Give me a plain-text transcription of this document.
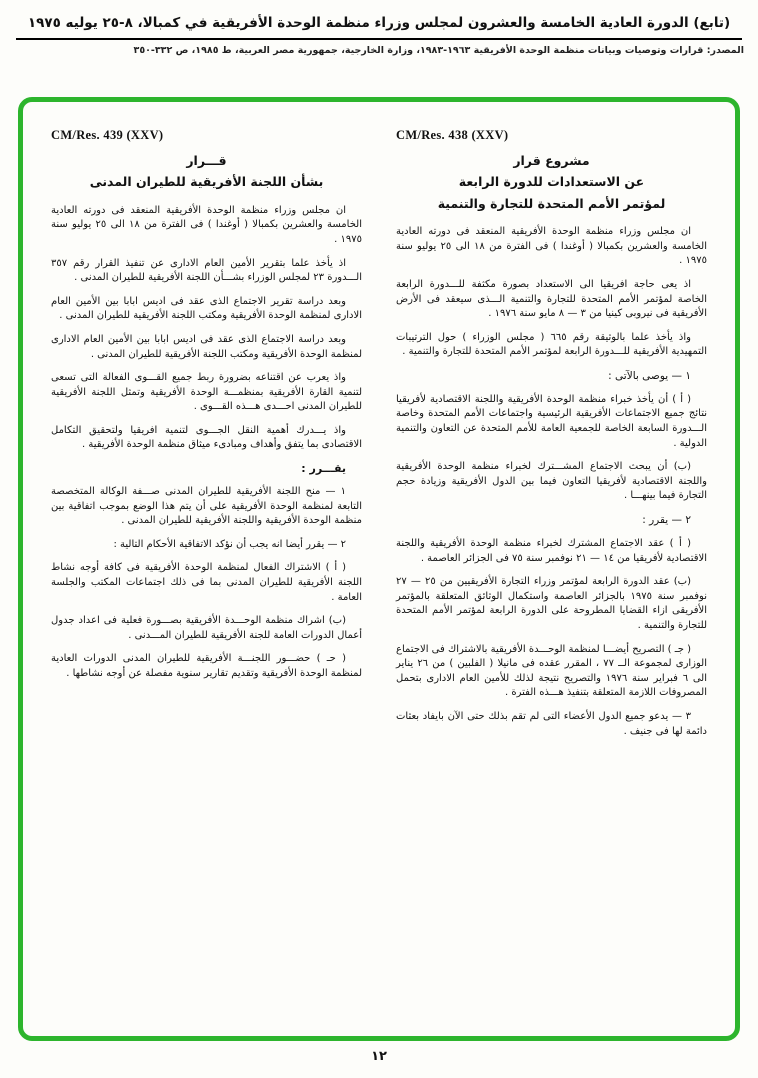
(تابع) الدورة العادية الخامسة والعشرون لمجلس وزراء منظمة الوحدة الأفريقية في كمبالا، ٨-٢٥ يوليه ١٩٧٥
المصدر: قرارات وتوصيات وبيانات منظمة الوحدة الأفريقية ١٩٦٣-١٩٨٣، وزارة الخارجية، جمهورية مصر العربية، ط ١٩٨٥، ص ٣٣٢-٣٥٠
CM/Res. 438 (XXV)
مشروع قرار
عن الاستعدادات للدورة الرابعة
لمؤتمر الأمم المتحدة للتجارة والتنمية

ان مجلس وزراء منظمة الوحدة الأفريقية المنعقد فى دورته العادية الخامسة والعشرين بكمبالا ( أوغندا ) فى الفترة من ١٨ الى ٢٥ يوليو سنة ١٩٧٥ .

اذ يعى حاجة افريقيا الى الاستعداد بصورة مكثفة للـــدورة الرابعة الخاصة لمؤتمر الأمم المتحدة للتجارة والتنمية الـــذى سيعقد فى الأرض الأفريقية فى نيروبى كينيا من ٣ — ٨ مايو سنة ١٩٧٦ .

واذ يأخذ علما بالوثيقة رقم ٦٦٥ ( مجلس الوزراء ) حول الترتيبات التمهيدية الأفريقية للـــدورة الرابعة لمؤتمر الأمم المتحدة للتجارة والتنمية .

١ — يوصى بالآتى :

( أ ) أن يأخذ خبراء منظمة الوحدة الأفريقية واللجنة الاقتصادية لأفريقيا نتائج جميع الاجتماعات الأفريقية الرئيسية واجتماعات الأمم المتحدة وخاصة الـــدورة السابعة الخاصة للجمعية العامة للأمم المتحدة عن التعاون والتنمية الدولية .

(ب) أن يبحث الاجتماع المشـــترك لخبراء منظمة الوحدة الأفريقية واللجنة الاقتصادية لأفريقيا التعاون فيما بين الدول الأفريقية وزيادة حجم التجارة فيما بينهـــا .

٢ — يقرر :

( أ ) عقد الاجتماع المشترك لخبراء منظمة الوحدة الأفريقية واللجنة الاقتصادية لأفريقيا من ١٤ — ٢١ نوفمبر سنة ٧٥ فى الجزائر العاصمة .

(ب) عقد الدورة الرابعة لمؤتمر وزراء التجارة الأفريقيين من ٢٥ — ٢٧ نوفمبر سنة ١٩٧٥ بالجزائر العاصمة واستكمال الوثائق المتعلقة بالمؤتمر الأفريقى ازاء القضايا المطروحة على الدورة الرابعة لمؤتمر الأمم المتحدة للتجارة والتنمية .

( جـ ) التصريح أيضـــا لمنظمة الوحـــدة الأفريقية بالاشتراك فى الاجتماع الوزارى لمجموعة الــ ٧٧ ، المقرر عقده فى مانيلا ( الفلبين ) من ٢٦ يناير الى ٦ فبراير سنة ١٩٧٦ والتصريح نتيجة لذلك للأمين العام الادارى بتحمل المصروفات اللازمة المتعلقة بتنفيذ هـــذه الفترة .

٣ — يدعو جميع الدول الأعضاء التى لم تقم بذلك حتى الآن بايفاد بعثات دائمة لها فى جنيف .

CM/Res. 439 (XXV)
قـــرار
بشأن اللجنة الأفريقية للطيران المدنى

ان مجلس وزراء منظمة الوحدة الأفريقية المنعقد فى دورته العادية الخامسة والعشرين بكمبالا ( أوغندا ) فى الفترة من ١٨ الى ٢٥ يوليو سنة ١٩٧٥ .

اذ يأخذ علما بتقرير الأمين العام الادارى عن تنفيذ القرار رقم ٣٥٧ الـــدورة ٢٣ لمجلس الوزراء بشـــأن اللجنة الأفريقية للطيران المدنى .

وبعد دراسة تقرير الاجتماع الذى عقد فى اديس ابابا بين الأمين العام الادارى لمنظمة الوحدة الأفريقية ومكتب اللجنة الأفريقية للطيران المدنى .

وبعد دراسة الاجتماع الذى عقد فى اديس ابابا بين الأمين العام الادارى لمنظمة الوحدة الأفريقية ومكتب اللجنة الأفريقية للطيران المدنى .

واذ يعرب عن اقتناعه بضرورة ربط جميع القـــوى الفعالة التى تسعى لتنمية القارة الأفريقية بمنظمـــة الوحدة الأفريقية وتمثل اللجنة الأفريقية للطيران المدنى احـــدى هـــذه القـــوى .

واذ يـــدرك أهمية النقل الجـــوى لتنمية افريقيا ولتحقيق التكامل الاقتصادى بما يتفق وأهداف ومبادىء ميثاق منظمة الوحدة الأفريقية .

يقـــرر :

١ — منح اللجنة الأفريقية للطيران المدنى صـــفة الوكالة المتخصصة التابعة لمنظمة الوحدة الأفريقية على أن يتم هذا الوضع بموجب اتفاقية بين منظمة الوحدة الأفريقية واللجنة الأفريقية للطيران المدنى .

٢ — يقرر أيضا انه يجب أن نؤكد الاتفاقية الأحكام التالية :

( أ ) الاشتراك الفعال لمنظمة الوحدة الأفريقية فى كافة أوجه نشاط اللجنة الأفريقية للطيران المدنى بما فى ذلك اجتماعات المكتب والجلسة العامة .

(ب) اشراك منظمة الوحـــدة الأفريقية بصـــورة فعلية فى اعداد جدول أعمال الدورات العامة للجنة الأفريقية للطيران المـــدنى .

( حـ ) حضـــور اللجنـــة الأفريقية للطيران المدنى الدورات العادية لمنظمة الوحدة الأفريقية وتقديم تقارير سنوية مفصلة عن أوجه نشاطها .

١٢
